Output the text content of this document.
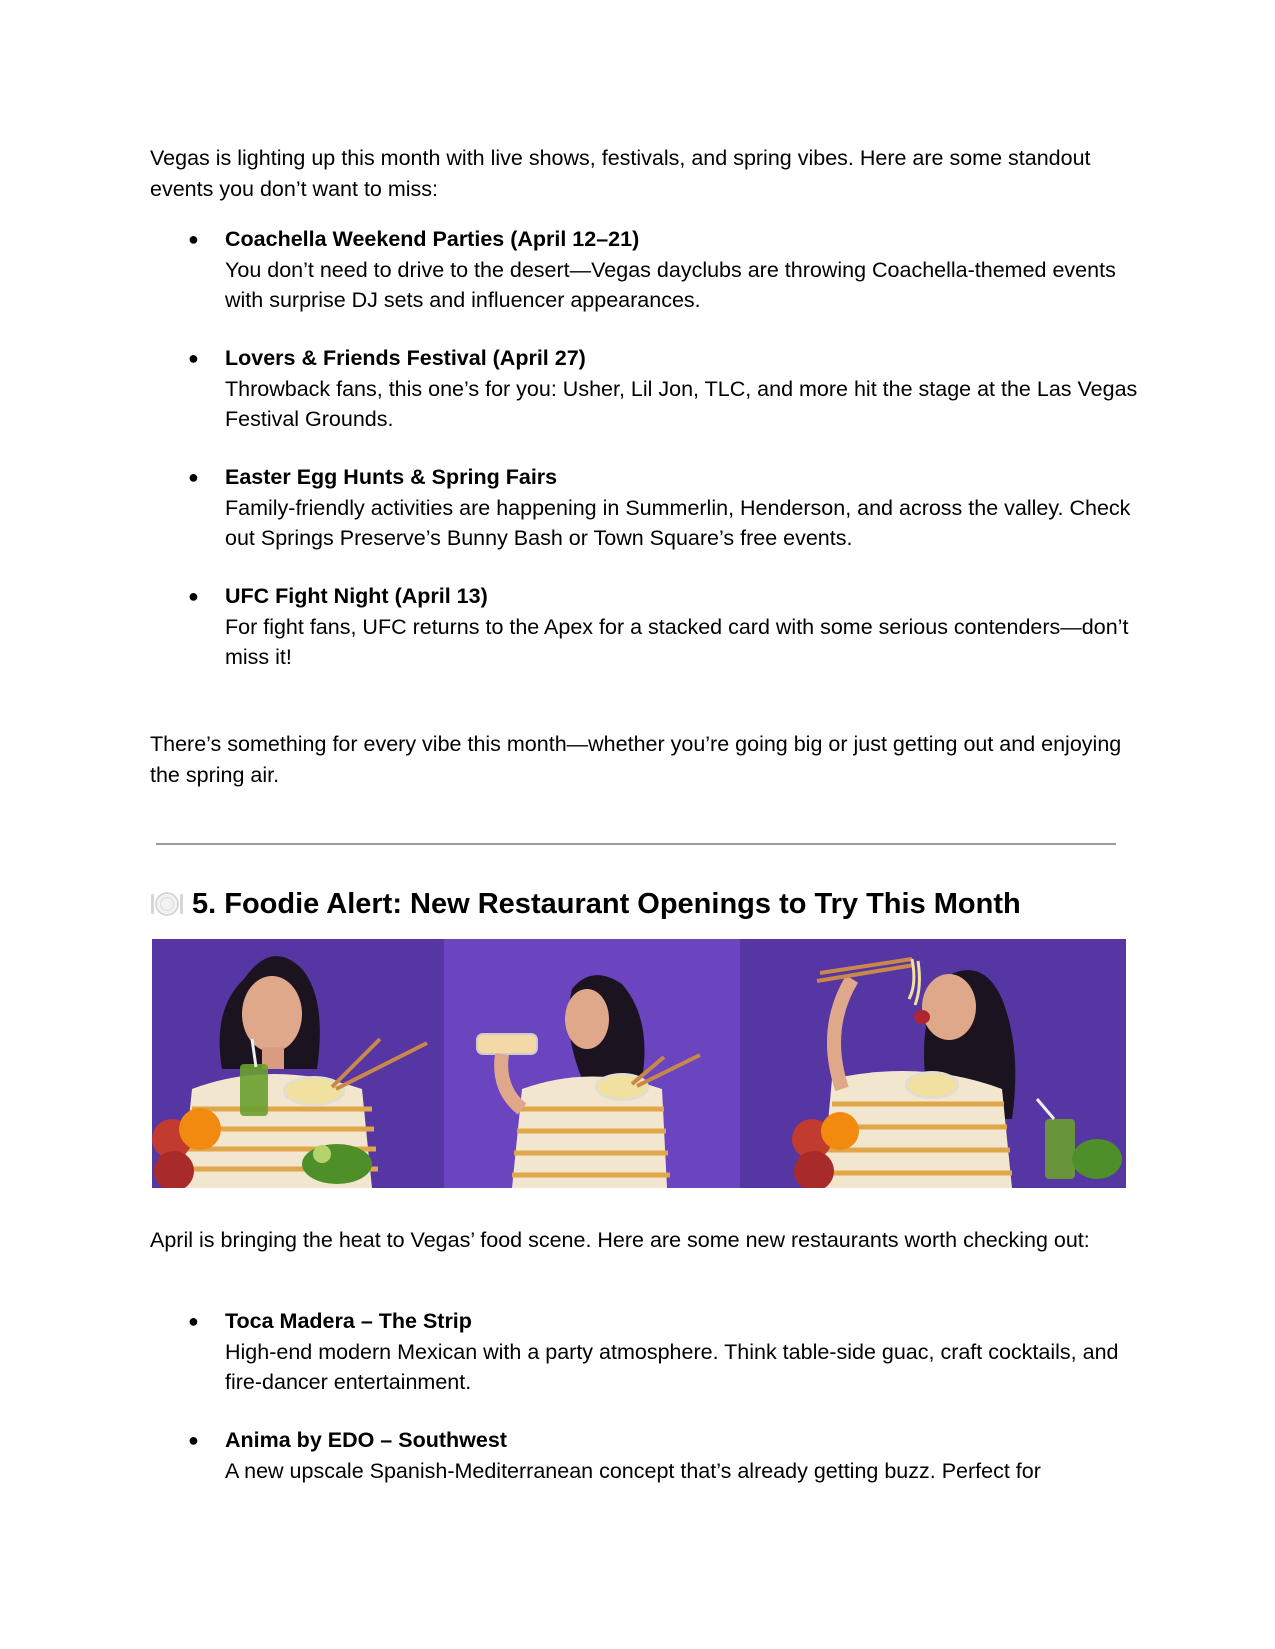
Vegas is lighting up this month with live shows, festivals, and spring vibes. Here are some standout events you don’t want to miss:

● Coachella Weekend Parties (April 12–21)
You don’t need to drive to the desert—Vegas dayclubs are throwing Coachella-themed events with surprise DJ sets and influencer appearances.
● Lovers & Friends Festival (April 27)
Throwback fans, this one’s for you: Usher, Lil Jon, TLC, and more hit the stage at the Las Vegas Festival Grounds.
● Easter Egg Hunts & Spring Fairs
Family-friendly activities are happening in Summerlin, Henderson, and across the valley. Check out Springs Preserve’s Bunny Bash or Town Square’s free events.
● UFC Fight Night (April 13)
For fight fans, UFC returns to the Apex for a stacked card with some serious contenders—don’t miss it!

There’s something for every vibe this month—whether you’re going big or just getting out and enjoying the spring air.

5. Foodie Alert: New Restaurant Openings to Try This Month

April is bringing the heat to Vegas’ food scene. Here are some new restaurants worth checking out:

● Toca Madera – The Strip
High-end modern Mexican with a party atmosphere. Think table-side guac, craft cocktails, and fire-dancer entertainment.
● Anima by EDO – Southwest
A new upscale Spanish-Mediterranean concept that’s already getting buzz. Perfect for
